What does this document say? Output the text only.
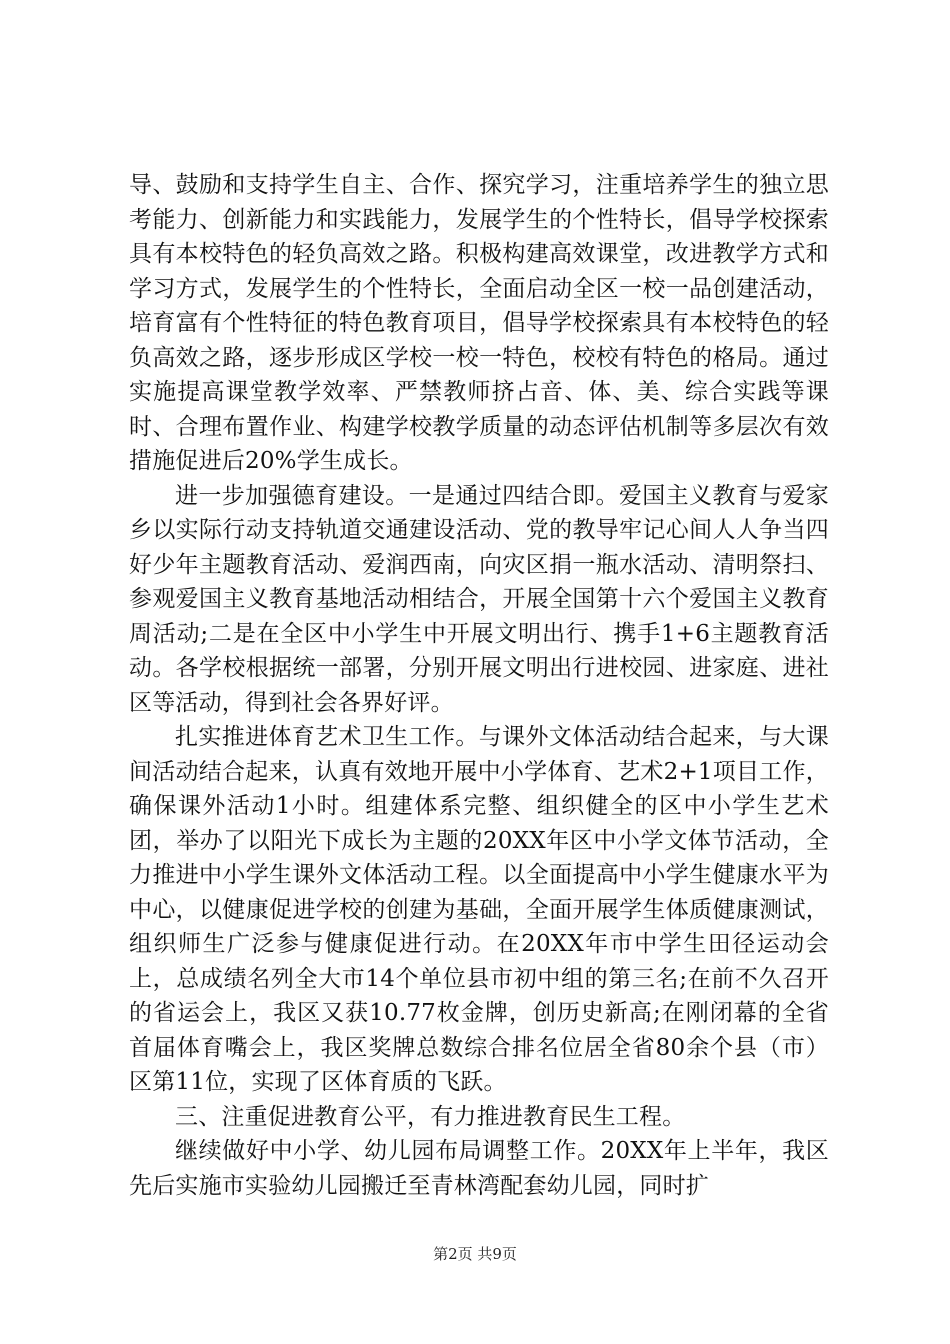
导、鼓励和支持学生自主、合作、探究学习，注重培养学生的独立思考能力、创新能力和实践能力，发展学生的个性特长，倡导学校探索具有本校特色的轻负高效之路。积极构建高效课堂，改进教学方式和学习方式，发展学生的个性特长，全面启动全区一校一品创建活动，培育富有个性特征的特色教育项目，倡导学校探索具有本校特色的轻负高效之路，逐步形成区学校一校一特色，校校有特色的格局。通过实施提高课堂教学效率、严禁教师挤占音、体、美、综合实践等课时、合理布置作业、构建学校教学质量的动态评估机制等多层次有效措施促进后20%学生成长。

进一步加强德育建设。一是通过四结合即。爱国主义教育与爱家乡以实际行动支持轨道交通建设活动、党的教导牢记心间人人争当四好少年主题教育活动、爱润西南，向灾区捐一瓶水活动、清明祭扫、参观爱国主义教育基地活动相结合，开展全国第十六个爱国主义教育周活动;二是在全区中小学生中开展文明出行、携手1+6主题教育活动。各学校根据统一部署，分别开展文明出行进校园、进家庭、进社区等活动，得到社会各界好评。

扎实推进体育艺术卫生工作。与课外文体活动结合起来，与大课间活动结合起来，认真有效地开展中小学体育、艺术2+1项目工作，确保课外活动1小时。组建体系完整、组织健全的区中小学生艺术团，举办了以阳光下成长为主题的20XX年区中小学文体节活动，全力推进中小学生课外文体活动工程。以全面提高中小学生健康水平为中心，以健康促进学校的创建为基础，全面开展学生体质健康测试，组织师生广泛参与健康促进行动。在20XX年市中学生田径运动会上，总成绩名列全大市14个单位县市初中组的第三名;在前不久召开的省运会上，我区又获10.77枚金牌，创历史新高;在刚闭幕的全省首届体育嘴会上，我区奖牌总数综合排名位居全省80余个县（市）区第11位，实现了区体育质的飞跃。

三、注重促进教育公平，有力推进教育民生工程。

继续做好中小学、幼儿园布局调整工作。20XX年上半年，我区先后实施市实验幼儿园搬迁至青林湾配套幼儿园，同时扩

第2页 共9页
